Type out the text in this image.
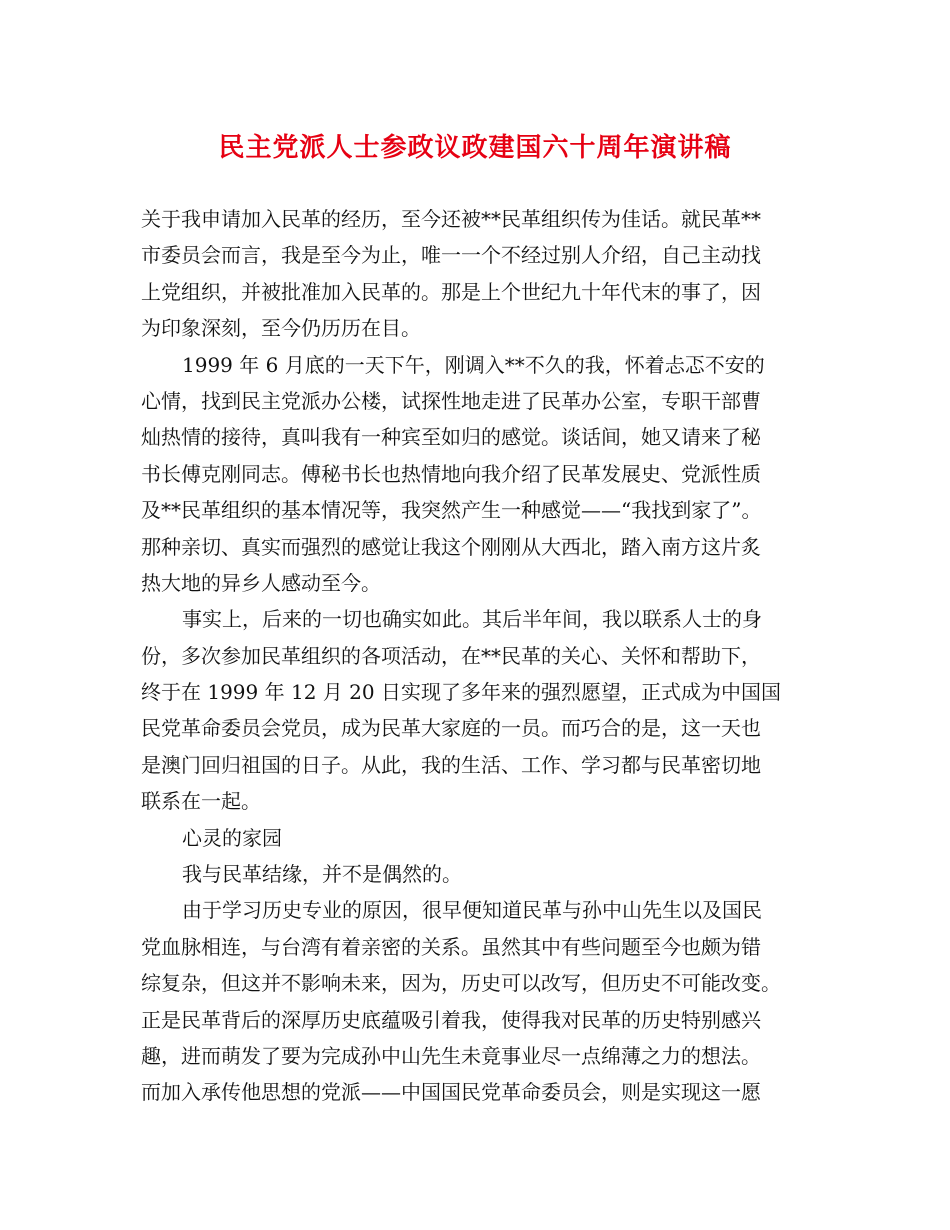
民主党派人士参政议政建国六十周年演讲稿
关于我申请加入民革的经历，至今还被**民革组织传为佳话。就民革**
市委员会而言，我是至今为止，唯一一个不经过别人介绍，自己主动找
上党组织，并被批准加入民革的。那是上个世纪九十年代末的事了，因
为印象深刻，至今仍历历在目。
1999 年 6 月底的一天下午，刚调入**不久的我，怀着忐忑不安的
心情，找到民主党派办公楼，试探性地走进了民革办公室，专职干部曹
灿热情的接待，真叫我有一种宾至如归的感觉。谈话间，她又请来了秘
书长傅克刚同志。傅秘书长也热情地向我介绍了民革发展史、党派性质
及**民革组织的基本情况等，我突然产生一种感觉——“我找到家了”。
那种亲切、真实而强烈的感觉让我这个刚刚从大西北，踏入南方这片炙
热大地的异乡人感动至今。
事实上，后来的一切也确实如此。其后半年间，我以联系人士的身
份，多次参加民革组织的各项活动，在**民革的关心、关怀和帮助下，
终于在 1999 年 12 月 20 日实现了多年来的强烈愿望，正式成为中国国
民党革命委员会党员，成为民革大家庭的一员。而巧合的是，这一天也
是澳门回归祖国的日子。从此，我的生活、工作、学习都与民革密切地
联系在一起。
心灵的家园
我与民革结缘，并不是偶然的。
由于学习历史专业的原因，很早便知道民革与孙中山先生以及国民
党血脉相连，与台湾有着亲密的关系。虽然其中有些问题至今也颇为错
综复杂，但这并不影响未来，因为，历史可以改写，但历史不可能改变。
正是民革背后的深厚历史底蕴吸引着我，使得我对民革的历史特别感兴
趣，进而萌发了要为完成孙中山先生未竟事业尽一点绵薄之力的想法。
而加入承传他思想的党派——中国国民党革命委员会，则是实现这一愿
